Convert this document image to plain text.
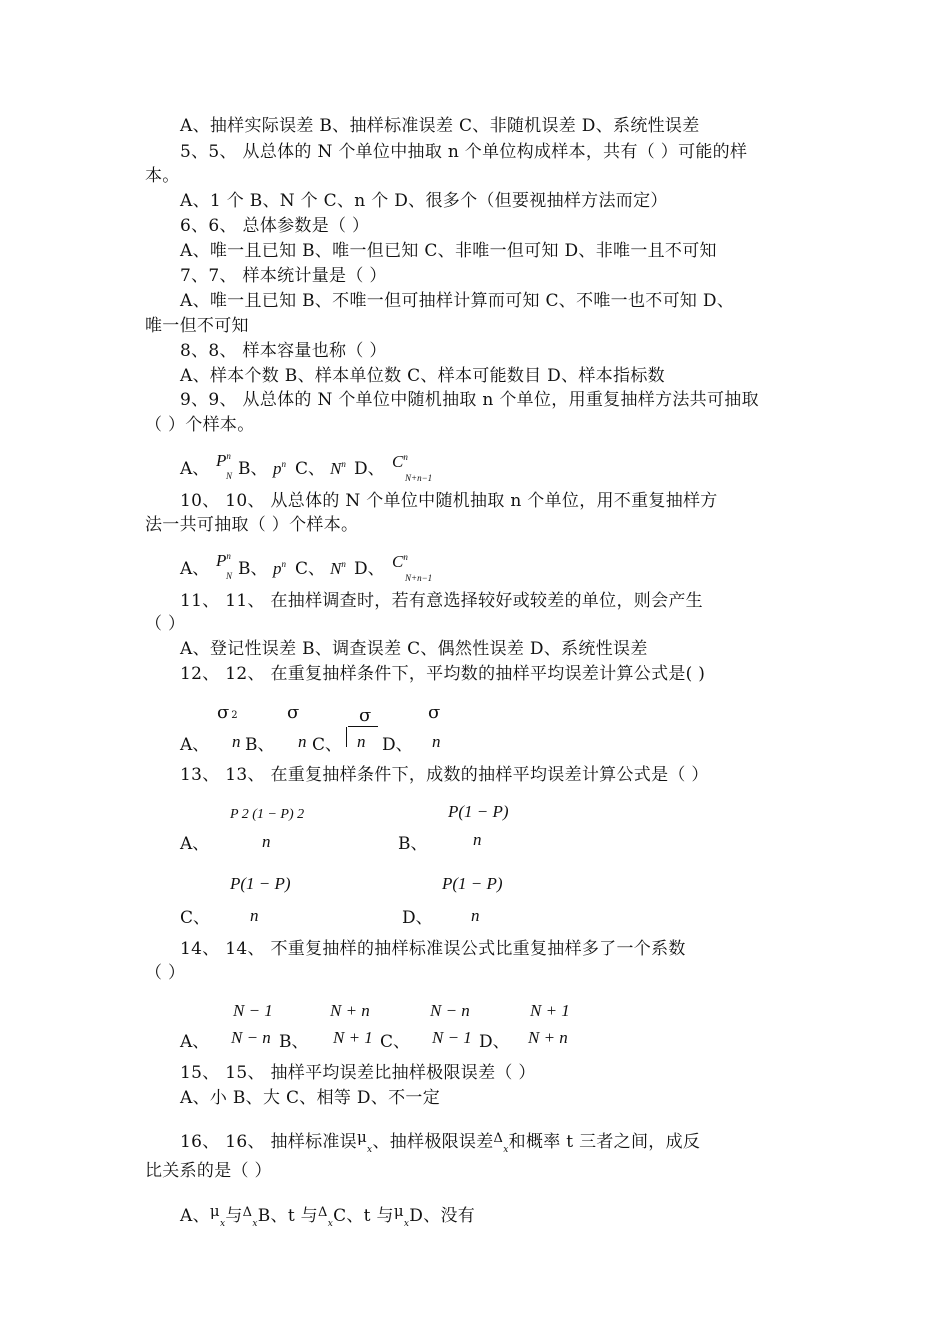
A、抽样实际误差 B、抽样标准误差 C、非随机误差 D、系统性误差
5、5、 从总体的 N 个单位中抽取 n 个单位构成样本，共有（ ）可能的样
本。
A、1 个 B、N 个 C、n 个 D、很多个（但要视抽样方法而定）
6、6、 总体参数是（ ）
A、唯一且已知 B、唯一但已知 C、非唯一但可知 D、非唯一且不可知
7、7、 样本统计量是（ ）
A、唯一且已知 B、不唯一但可抽样计算而可知 C、不唯一也不可知 D、
唯一但不可知
8、8、 样本容量也称（ ）
A、样本个数 B、样本单位数 C、样本可能数目 D、样本指标数
9、9、 从总体的 N 个单位中随机抽取 n 个单位，用重复抽样方法共可抽取
（ ）个样本。
A、 $P^n$
N B、 $p^n$ C、 $N^n$ D、 $C^n$
N+n−1
10、 10、 从总体的 N 个单位中随机抽取 n 个单位，用不重复抽样方
法一共可抽取（ ）个样本。
A、 $P^n$
N B、 $p^n$ C、 $N^n$ D、 $C^n$
N+n−1
11、 11、 在抽样调查时，若有意选择较好或较差的单位，则会产生
（ ）
A、登记性误差 B、调查误差 C、偶然性误差 D、系统性误差
12、 12、 在重复抽样条件下，平均数的抽样平均误差计算公式是( )
σ 2	σ	σ	σ
A、 n B、 n C、 n D、 n
13、 13、 在重复抽样条件下，成数的抽样平均误差计算公式是（ ）
P 2 (1 − P) 2	P(1 − P)
A、	n	B、	n
P(1 − P)	P(1 − P)
C、 n	D、 n
14、 14、 不重复抽样的抽样标准误公式比重复抽样多了一个系数
（ ）
N − 1	N + n	N − n	N + 1
A、 N − n B、 N + 1 C、 N − 1 D、 N + n
15、 15、 抽样平均误差比抽样极限误差（ ）
A、小 B、大 C、相等 D、不一定
16、 16、 抽样标准误$\mu_x$、抽样极限误差$^\Delta_x$和概率 t 三者之间，成反
比关系的是（ ）
A、$\mu_x$与$^\Delta_x$B、t 与$^\Delta_x$C、t 与$\mu_xD$、没有
